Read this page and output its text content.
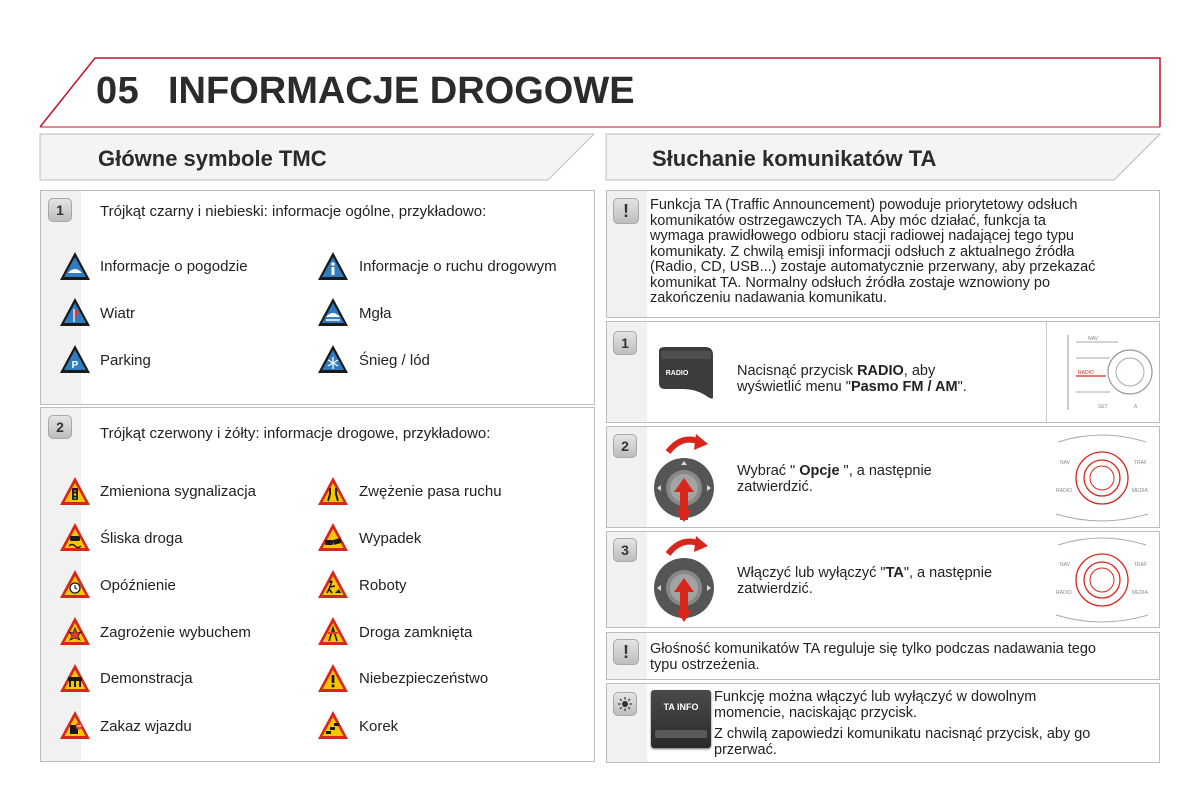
05 INFORMACJE DROGOWE
Główne symbole TMC	Słuchanie komunikatów TA
1	Trójkąt czarny i niebieski: informacje ogólne, przykładowo:
2	Trójkąt czerwony i żółty: informacje drogowe, przykładowo:
Informacje o pogodzie	Informacje o ruchu drogowym
Wiatr	Mgła
P Parking	Śnieg / lód
Zmieniona sygnalizacja	Zwężenie pasa ruchu
Śliska droga	Wypadek
Opóźnienie	Roboty
Zagrożenie wybuchem	Droga zamknięta
Demonstracja	Niebezpieczeństwo
Zakaz wjazdu	Korek
!	Funkcja TA (Traffic Announcement) powoduje priorytetowy odsłuch
komunikatów ostrzegawczych TA. Aby móc działać, funkcja ta
wymaga prawidłowego odbioru stacji radiowej nadającej tego typu
komunikaty. Z chwilą emisji informacji odsłuch z aktualnego źródła
(Radio, CD, USB...) zostaje automatycznie przerwany, aby przekazać
komunikat TA. Normalny odsłuch źródła zostaje wznowiony po
zakończeniu nadawania komunikatu.
1
RADIO	Nacisnąć przycisk RADIO, aby
wyświetlić menu "Pasmo FM / AM".
NAV
RADIO
SET	A
2
Wybrać " Opcje ", a następnie
zatwierdzić.
NAV	TRAF
RADIO	MEDIA
3
Włączyć lub wyłączyć "TA", a następnie
zatwierdzić.
NAV	TRAF
RADIO	MEDIA
!	Głośność komunikatów TA reguluje się tylko podczas nadawania tego
typu ostrzeżenia.
TA INFO
Funkcję można włączyć lub wyłączyć w dowolnym
momencie, naciskając przycisk.
Z chwilą zapowiedzi komunikatu nacisnąć przycisk, aby go
przerwać.
